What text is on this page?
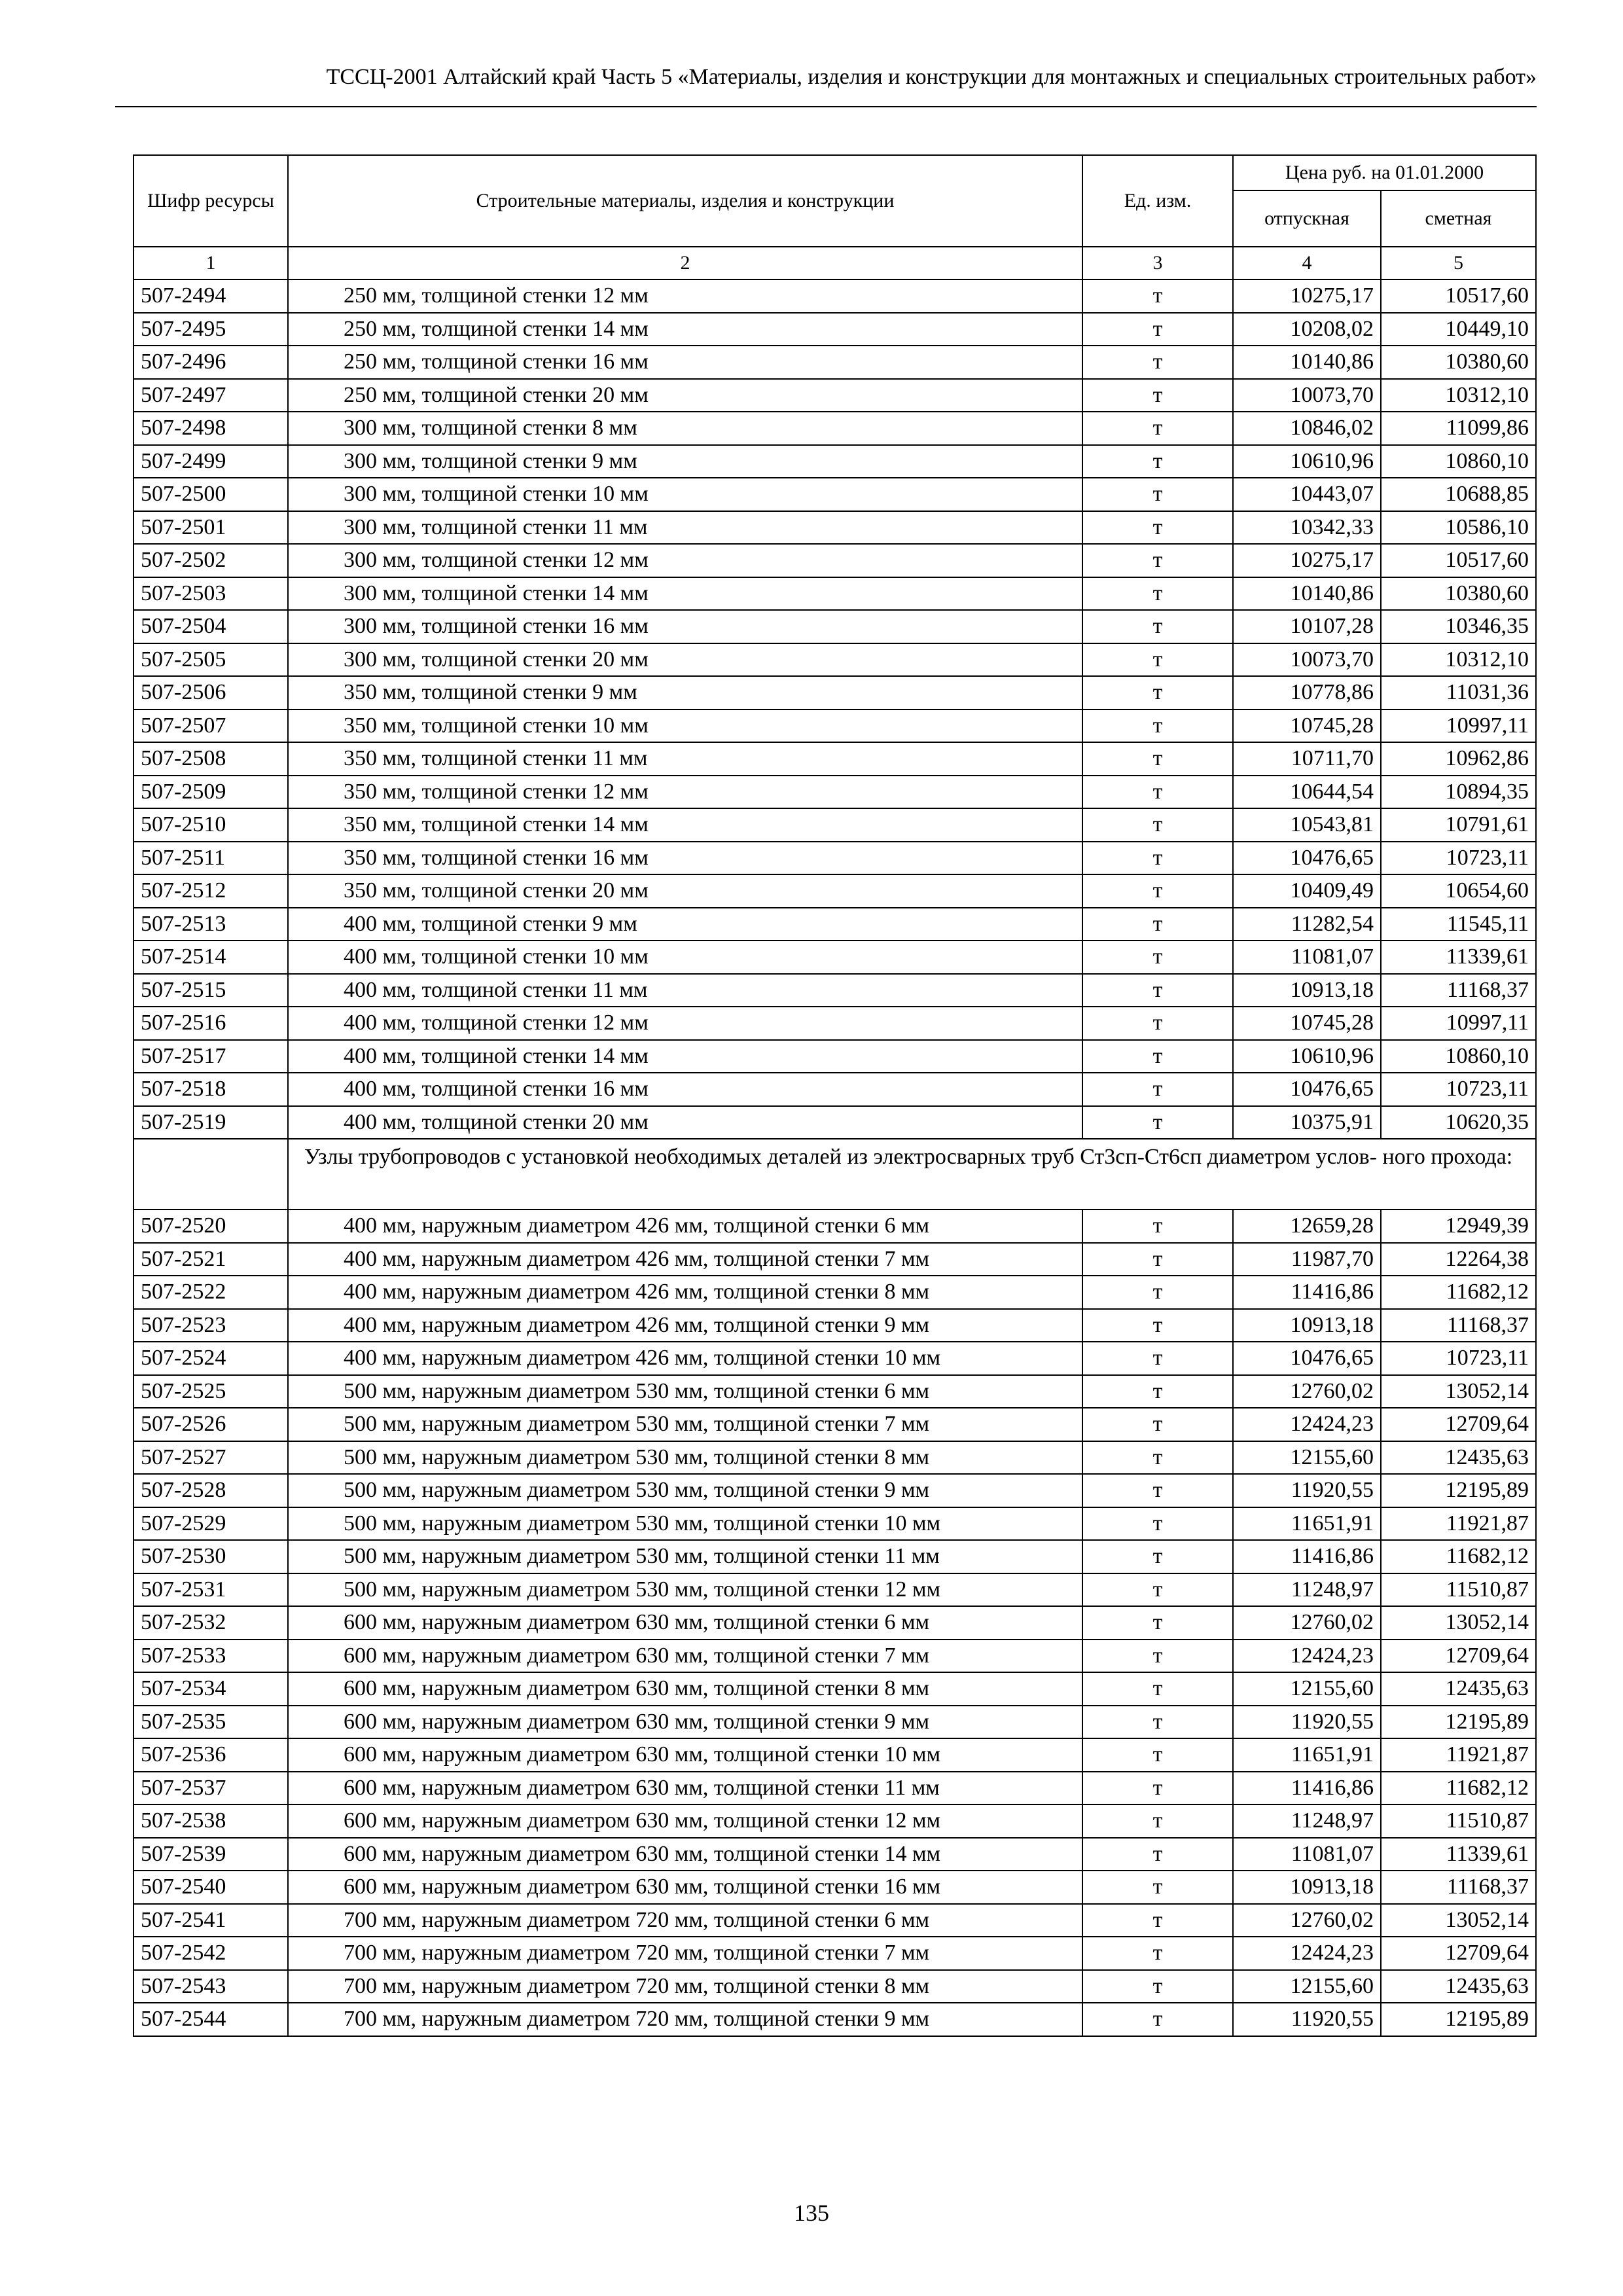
ТССЦ-2001 Алтайский край Часть 5 «Материалы, изделия и конструкции для монтажных и специальных строительных работ»
Шифр ресурсы	Строительные материалы, изделия и конструкции	Ед. изм.	Цена руб. на 01.01.2000	
			отпускная	сметная
1	2	3	4	5
507-2494	250 мм, толщиной стенки 12 мм	т	10275,17	10517,60
507-2495	250 мм, толщиной стенки 14 мм	т	10208,02	10449,10
507-2496	250 мм, толщиной стенки 16 мм	т	10140,86	10380,60
507-2497	250 мм, толщиной стенки 20 мм	т	10073,70	10312,10
507-2498	300 мм, толщиной стенки 8 мм	т	10846,02	11099,86
507-2499	300 мм, толщиной стенки 9 мм	т	10610,96	10860,10
507-2500	300 мм, толщиной стенки 10 мм	т	10443,07	10688,85
507-2501	300 мм, толщиной стенки 11 мм	т	10342,33	10586,10
507-2502	300 мм, толщиной стенки 12 мм	т	10275,17	10517,60
507-2503	300 мм, толщиной стенки 14 мм	т	10140,86	10380,60
507-2504	300 мм, толщиной стенки 16 мм	т	10107,28	10346,35
507-2505	300 мм, толщиной стенки 20 мм	т	10073,70	10312,10
507-2506	350 мм, толщиной стенки 9 мм	т	10778,86	11031,36
507-2507	350 мм, толщиной стенки 10 мм	т	10745,28	10997,11
507-2508	350 мм, толщиной стенки 11 мм	т	10711,70	10962,86
507-2509	350 мм, толщиной стенки 12 мм	т	10644,54	10894,35
507-2510	350 мм, толщиной стенки 14 мм	т	10543,81	10791,61
507-2511	350 мм, толщиной стенки 16 мм	т	10476,65	10723,11
507-2512	350 мм, толщиной стенки 20 мм	т	10409,49	10654,60
507-2513	400 мм, толщиной стенки 9 мм	т	11282,54	11545,11
507-2514	400 мм, толщиной стенки 10 мм	т	11081,07	11339,61
507-2515	400 мм, толщиной стенки 11 мм	т	10913,18	11168,37
507-2516	400 мм, толщиной стенки 12 мм	т	10745,28	10997,11
507-2517	400 мм, толщиной стенки 14 мм	т	10610,96	10860,10
507-2518	400 мм, толщиной стенки 16 мм	т	10476,65	10723,11
507-2519	400 мм, толщиной стенки 20 мм	т	10375,91	10620,35

	Узлы трубопроводов с установкой необходимых деталей из электросварных труб Ст3сп-Ст6сп диаметром услов- ного прохода:			

507-2520	400 мм, наружным диаметром 426 мм, толщиной стенки 6 мм	т	12659,28	12949,39
507-2521	400 мм, наружным диаметром 426 мм, толщиной стенки 7 мм	т	11987,70	12264,38
507-2522	400 мм, наружным диаметром 426 мм, толщиной стенки 8 мм	т	11416,86	11682,12
507-2523	400 мм, наружным диаметром 426 мм, толщиной стенки 9 мм	т	10913,18	11168,37
507-2524	400 мм, наружным диаметром 426 мм, толщиной стенки 10 мм	т	10476,65	10723,11
507-2525	500 мм, наружным диаметром 530 мм, толщиной стенки 6 мм	т	12760,02	13052,14
507-2526	500 мм, наружным диаметром 530 мм, толщиной стенки 7 мм	т	12424,23	12709,64
507-2527	500 мм, наружным диаметром 530 мм, толщиной стенки 8 мм	т	12155,60	12435,63
507-2528	500 мм, наружным диаметром 530 мм, толщиной стенки 9 мм	т	11920,55	12195,89
507-2529	500 мм, наружным диаметром 530 мм, толщиной стенки 10 мм	т	11651,91	11921,87
507-2530	500 мм, наружным диаметром 530 мм, толщиной стенки 11 мм	т	11416,86	11682,12
507-2531	500 мм, наружным диаметром 530 мм, толщиной стенки 12 мм	т	11248,97	11510,87
507-2532	600 мм, наружным диаметром 630 мм, толщиной стенки 6 мм	т	12760,02	13052,14
507-2533	600 мм, наружным диаметром 630 мм, толщиной стенки 7 мм	т	12424,23	12709,64
507-2534	600 мм, наружным диаметром 630 мм, толщиной стенки 8 мм	т	12155,60	12435,63
507-2535	600 мм, наружным диаметром 630 мм, толщиной стенки 9 мм	т	11920,55	12195,89
507-2536	600 мм, наружным диаметром 630 мм, толщиной стенки 10 мм	т	11651,91	11921,87
507-2537	600 мм, наружным диаметром 630 мм, толщиной стенки 11 мм	т	11416,86	11682,12
507-2538	600 мм, наружным диаметром 630 мм, толщиной стенки 12 мм	т	11248,97	11510,87
507-2539	600 мм, наружным диаметром 630 мм, толщиной стенки 14 мм	т	11081,07	11339,61
507-2540	600 мм, наружным диаметром 630 мм, толщиной стенки 16 мм	т	10913,18	11168,37
507-2541	700 мм, наружным диаметром 720 мм, толщиной стенки 6 мм	т	12760,02	13052,14
507-2542	700 мм, наружным диаметром 720 мм, толщиной стенки 7 мм	т	12424,23	12709,64
507-2543	700 мм, наружным диаметром 720 мм, толщиной стенки 8 мм	т	12155,60	12435,63
507-2544	700 мм, наружным диаметром 720 мм, толщиной стенки 9 мм	т	11920,55	12195,89
135
